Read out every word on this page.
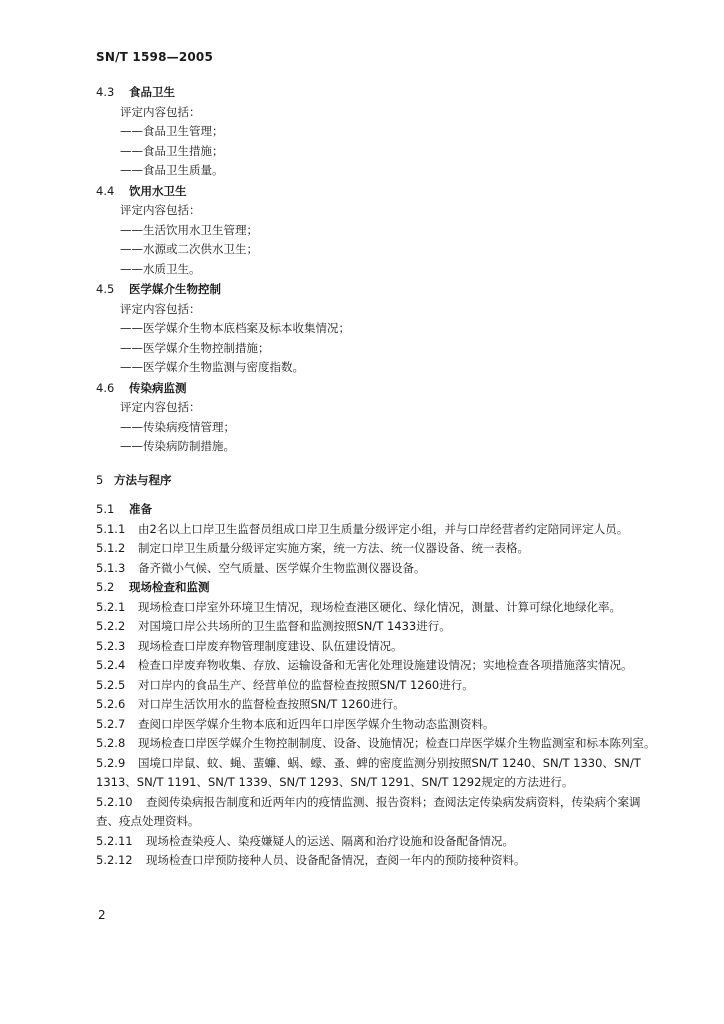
SN/T 1598—2005
4.3	食品卫生
评定内容包括：
——食品卫生管理；
——食品卫生措施；
——食品卫生质量。
4.4	饮用水卫生
评定内容包括：
——生活饮用水卫生管理；
——水源或二次供水卫生；
——水质卫生。
4.5	医学媒介生物控制
评定内容包括：
——医学媒介生物本底档案及标本收集情况；
——医学媒介生物控制措施；
——医学媒介生物监测与密度指数。
4.6	传染病监测
评定内容包括：
——传染病疫情管理；
——传染病防制措施。
5 方法与程序
5.1	准备
5.1.1 由2名以上口岸卫生监督员组成口岸卫生质量分级评定小组，并与口岸经营者约定陪同评定人员。
5.1.2 制定口岸卫生质量分级评定实施方案，统一方法、统一仪器设备、统一表格。
5.1.3 备齐微小气候、空气质量、医学媒介生物监测仪器设备。
5.2	现场检查和监测
5.2.1 现场检查口岸室外环境卫生情况，现场检查港区硬化、绿化情况，测量、计算可绿化地绿化率。
5.2.2 对国境口岸公共场所的卫生监督和监测按照SN/T 1433进行。
5.2.3 现场检查口岸废弃物管理制度建设、队伍建设情况。
5.2.4 检查口岸废弃物收集、存放、运输设备和无害化处理设施建设情况；实地检查各项措施落实情况。
5.2.5 对口岸内的食品生产、经营单位的监督检查按照SN/T 1260进行。
5.2.6 对口岸生活饮用水的监督检查按照SN/T 1260进行。
5.2.7 查阅口岸医学媒介生物本底和近四年口岸医学媒介生物动态监测资料。
5.2.8 现场检查口岸医学媒介生物控制制度、设备、设施情况；检查口岸医学媒介生物监测室和标本陈列室。
5.2.9 国境口岸鼠、蚊、蝇、蜚蠊、蜗、蠓、蚤、蜱的密度监测分别按照SN/T 1240、SN/T 1330、SN/T 1313、SN/T 1191、SN/T 1339、SN/T 1293、SN/T 1291、SN/T 1292规定的方法进行。
5.2.10 查阅传染病报告制度和近两年内的疫情监测、报告资料；查阅法定传染病发病资料，传染病个案调查、疫点处理资料。
5.2.11 现场检查染疫人、染疫嫌疑人的运送、隔离和治疗设施和设备配备情况。
5.2.12 现场检查口岸预防接种人员、设备配备情况，查阅一年内的预防接种资料。
2
